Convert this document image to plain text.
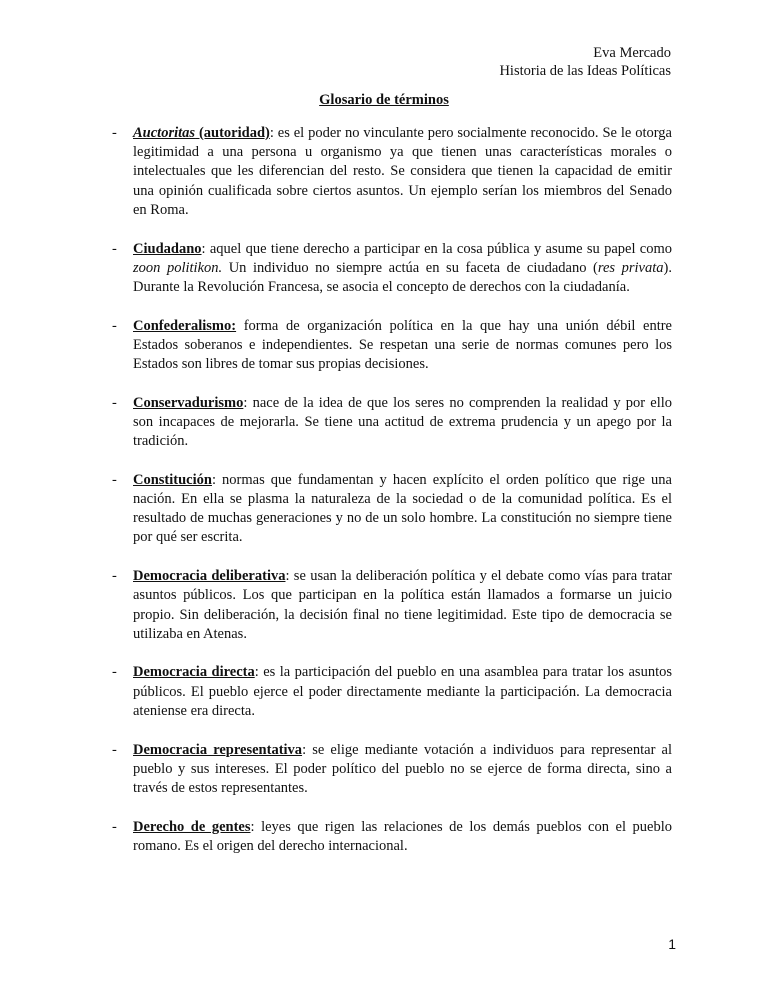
Eva Mercado
Historia de las Ideas Políticas
Glosario de términos
- Auctoritas (autoridad): es el poder no vinculante pero socialmente reconocido. Se le otorga legitimidad a una persona u organismo ya que tienen unas características morales o intelectuales que les diferencian del resto. Se considera que tienen la capacidad de emitir una opinión cualificada sobre ciertos asuntos. Un ejemplo serían los miembros del Senado en Roma.
- Ciudadano: aquel que tiene derecho a participar en la cosa pública y asume su papel como zoon politikon. Un individuo no siempre actúa en su faceta de ciudadano (res privata). Durante la Revolución Francesa, se asocia el concepto de derechos con la ciudadanía.
- Confederalismo: forma de organización política en la que hay una unión débil entre Estados soberanos e independientes. Se respetan una serie de normas comunes pero los Estados son libres de tomar sus propias decisiones.
- Conservadurismo: nace de la idea de que los seres no comprenden la realidad y por ello son incapaces de mejorarla. Se tiene una actitud de extrema prudencia y un apego por la tradición.
- Constitución: normas que fundamentan y hacen explícito el orden político que rige una nación. En ella se plasma la naturaleza de la sociedad o de la comunidad política. Es el resultado de muchas generaciones y no de un solo hombre. La constitución no siempre tiene por qué ser escrita.
- Democracia deliberativa: se usan la deliberación política y el debate como vías para tratar asuntos públicos. Los que participan en la política están llamados a formarse un juicio propio. Sin deliberación, la decisión final no tiene legitimidad. Este tipo de democracia se utilizaba en Atenas.
- Democracia directa: es la participación del pueblo en una asamblea para tratar los asuntos públicos. El pueblo ejerce el poder directamente mediante la participación. La democracia ateniense era directa.
- Democracia representativa: se elige mediante votación a individuos para representar al pueblo y sus intereses. El poder político del pueblo no se ejerce de forma directa, sino a través de estos representantes.
- Derecho de gentes: leyes que rigen las relaciones de los demás pueblos con el pueblo romano. Es el origen del derecho internacional.
1
